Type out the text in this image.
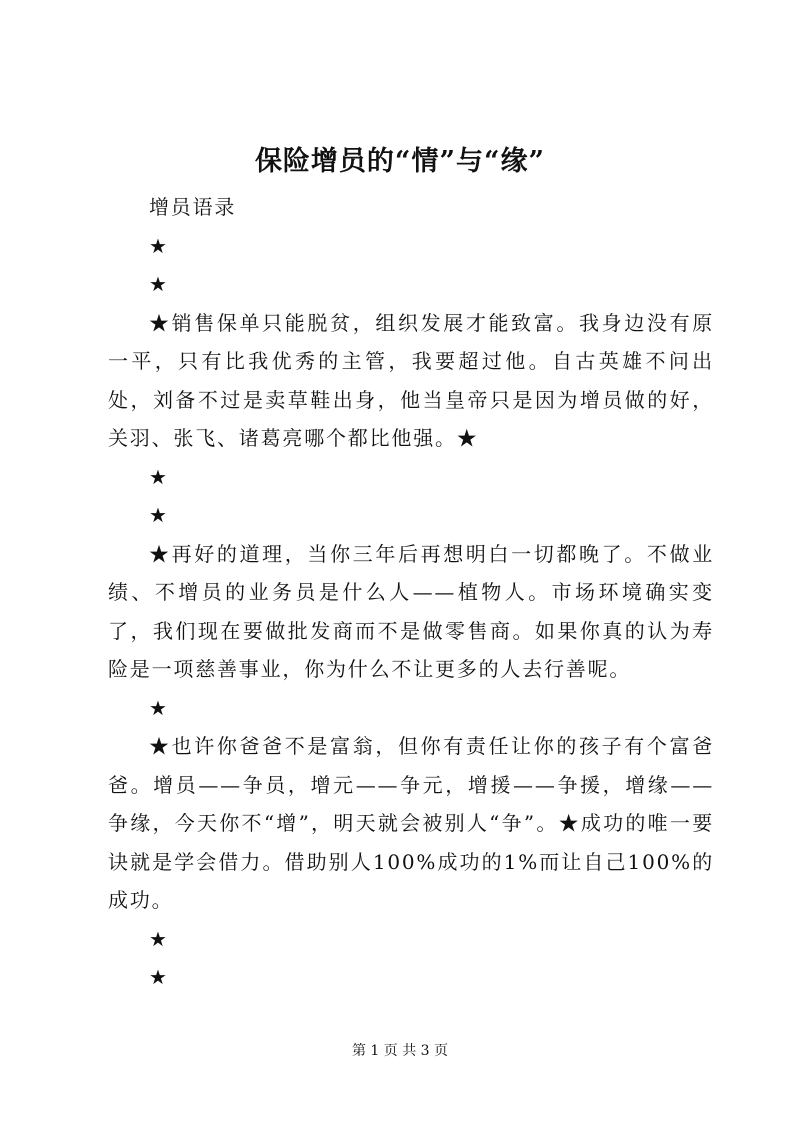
保险增员的“情”与“缘”

增员语录

★

★

★销售保单只能脱贫，组织发展才能致富。我身边没有原一平，只有比我优秀的主管，我要超过他。自古英雄不问出处，刘备不过是卖草鞋出身，他当皇帝只是因为增员做的好，关羽、张飞、诸葛亮哪个都比他强。★

★

★

★再好的道理，当你三年后再想明白一切都晚了。不做业绩、不增员的业务员是什么人——植物人。市场环境确实变了，我们现在要做批发商而不是做零售商。如果你真的认为寿险是一项慈善事业，你为什么不让更多的人去行善呢。

★

★也许你爸爸不是富翁，但你有责任让你的孩子有个富爸爸。增员——争员，增元——争元，增援——争援，增缘——争缘，今天你不“增”，明天就会被别人“争”。★成功的唯一要诀就是学会借力。借助别人100%成功的1%而让自己100%的成功。

★

★

第 1 页 共 3 页
